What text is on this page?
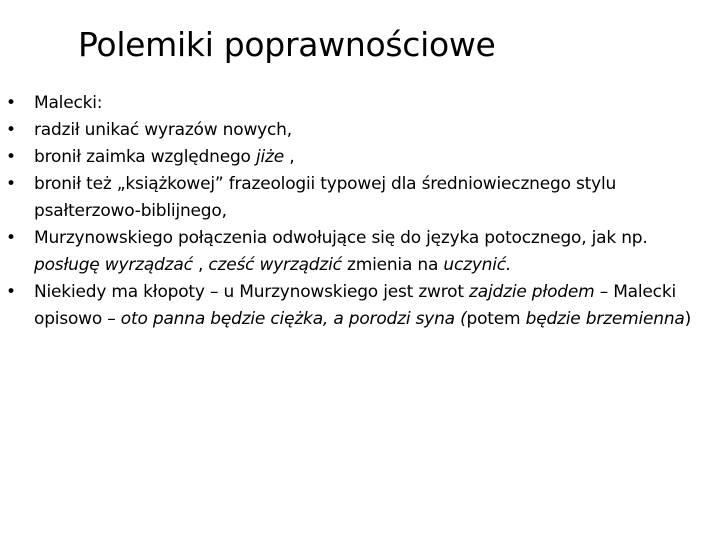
Polemiki poprawnościowe
•
Malecki:
•
radził unikać wyrazów nowych,
•
bronił zaimka względnego jiże ,
•
bronił też „książkowej” frazeologii typowej dla średniowiecznego stylu psałterzowo-biblijnego,
•
Murzynowskiego połączenia odwołujące się do języka potocznego, jak np. posługę wyrządzać , cześć wyrządzić zmienia na uczynić.
•
Niekiedy ma kłopoty – u Murzynowskiego jest zwrot zajdzie płodem – Malecki opisowo – oto panna będzie ciężka, a porodzi syna (potem będzie brzemienna)
